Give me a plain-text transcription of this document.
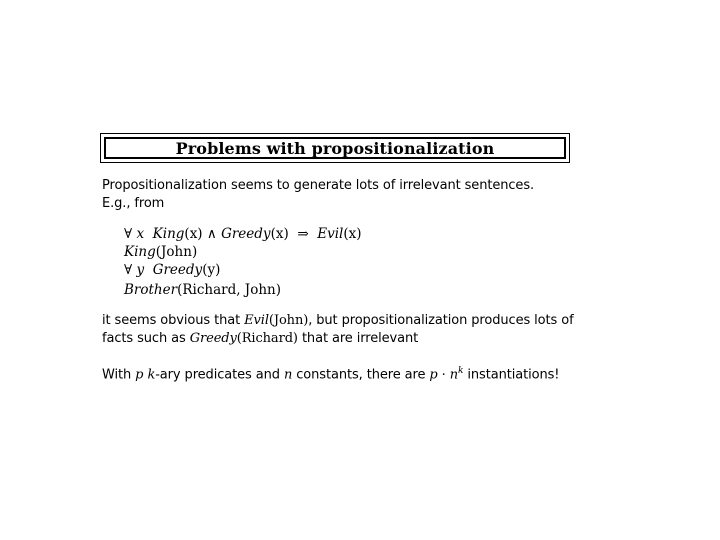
Problems with propositionalization
Propositionalization seems to generate lots of irrelevant sentences.
E.g., from
∀ x King(x) ∧ Greedy(x) ⇒ Evil(x)
King(John)
∀ y Greedy(y)
Brother(Richard, John)
it seems obvious that Evil(John), but propositionalization produces lots of
facts such as Greedy(Richard) that are irrelevant
With p k-ary predicates and n constants, there are $p \cdot n^k$ instantiations!
